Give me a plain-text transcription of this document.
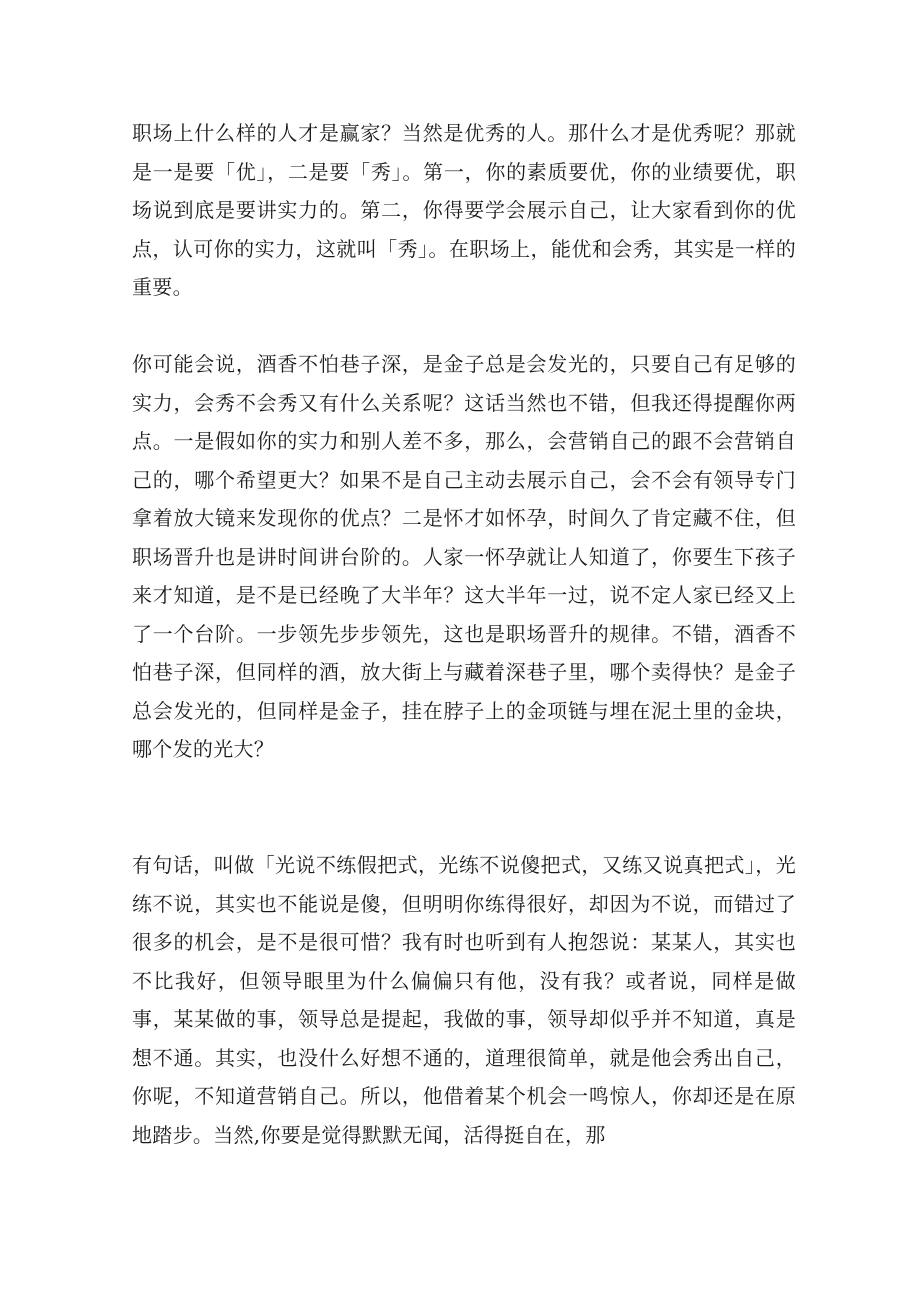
职场上什么样的人才是赢家？当然是优秀的人。那什么才是优秀呢？那就是一是要「优」，二是要「秀」。第一，你的素质要优，你的业绩要优，职场说到底是要讲实力的。第二，你得要学会展示自己，让大家看到你的优点，认可你的实力，这就叫「秀」。在职场上，能优和会秀，其实是一样的重要。

你可能会说，酒香不怕巷子深，是金子总是会发光的，只要自己有足够的实力，会秀不会秀又有什么关系呢？这话当然也不错，但我还得提醒你两点。一是假如你的实力和别人差不多，那么，会营销自己的跟不会营销自己的，哪个希望更大？如果不是自己主动去展示自己，会不会有领导专门拿着放大镜来发现你的优点？二是怀才如怀孕，时间久了肯定藏不住，但职场晋升也是讲时间讲台阶的。人家一怀孕就让人知道了，你要生下孩子来才知道，是不是已经晚了大半年？这大半年一过，说不定人家已经又上了一个台阶。一步领先步步领先，这也是职场晋升的规律。不错，酒香不怕巷子深，但同样的酒，放大街上与藏着深巷子里，哪个卖得快？是金子总会发光的，但同样是金子，挂在脖子上的金项链与埋在泥土里的金块，哪个发的光大？

有句话，叫做「光说不练假把式，光练不说傻把式，又练又说真把式」，光练不说，其实也不能说是傻，但明明你练得很好，却因为不说，而错过了很多的机会，是不是很可惜？我有时也听到有人抱怨说：某某人，其实也不比我好，但领导眼里为什么偏偏只有他，没有我？或者说，同样是做事，某某做的事，领导总是提起，我做的事，领导却似乎并不知道，真是想不通。其实，也没什么好想不通的，道理很简单，就是他会秀出自己，你呢，不知道营销自己。所以，他借着某个机会一鸣惊人，你却还是在原地踏步。当然,你要是觉得默默无闻，活得挺自在，那
